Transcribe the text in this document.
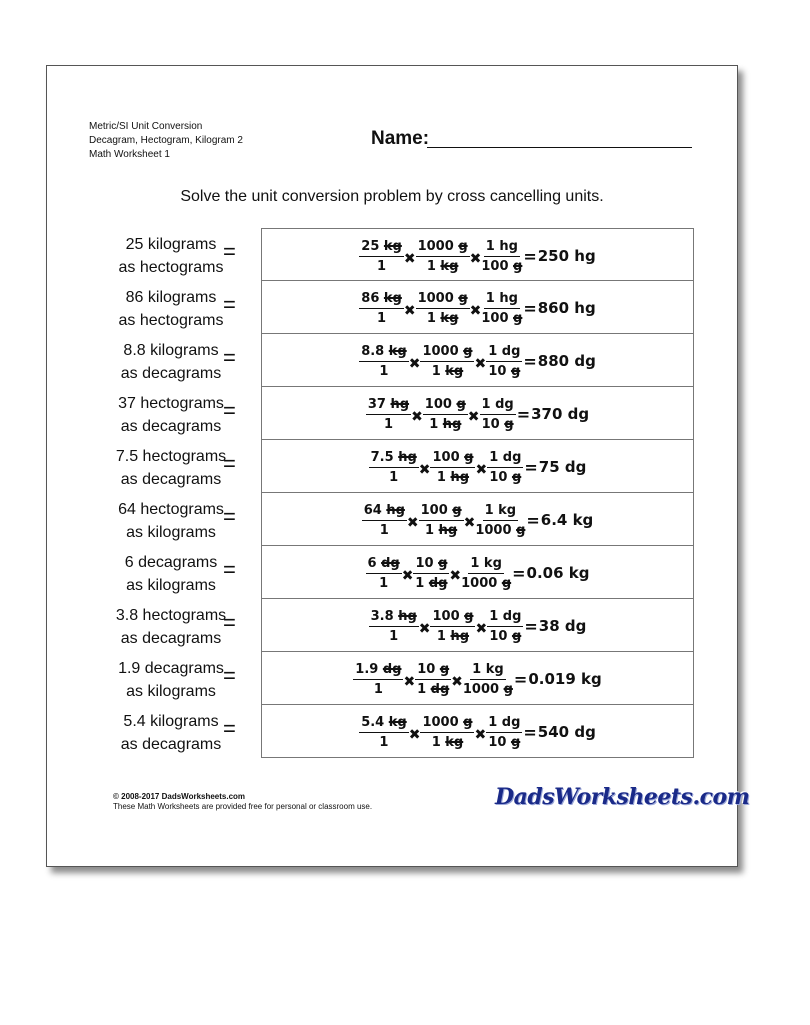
Metric/SI Unit Conversion
Decagram, Hectogram, Kilogram 2
Math Worksheet 1
Name:
Solve the unit conversion problem by cross cancelling units.
25 kilograms
as hectograms
=	$\frac{25 kg}{1}$ ✖ $\frac{1000 g}{1 kg}$ ✖ $\frac{1 hg}{100 g} = 250$ hg
86 kilograms
as hectograms
=	$\frac{86 kg}{1}$ ✖ $\frac{1000 g}{1 kg}$ ✖ $\frac{1 hg}{100 g} = 860$ hg
8.8 kilograms
as decagrams
=	$\frac{8.8 kg}{1}$ ✖ $\frac{1000 g}{1 kg}$ ✖ $\frac{1 dg}{10 g} = 880$ dg
37 hectograms
as decagrams
=	$\frac{37 hg}{1}$ ✖ $\frac{100 g}{1 hg}$ ✖ $\frac{1 dg}{10 g} = 370$ dg
7.5 hectograms
as decagrams
=	$\frac{7.5 hg}{1}$ ✖ $\frac{100 g}{1 hg}$ ✖ $\frac{1 dg}{10 g} = 75$ dg
64 hectograms
as kilograms
=	$\frac{64 hg}{1}$ ✖ $\frac{100 g}{1 hg}$ ✖ $\frac{1 kg}{1000 g} = 6.4$ kg
6 decagrams
as kilograms
=	$\frac{6 dg}{1}$ ✖ $\frac{10 g}{1 dg}$ ✖ $\frac{1 kg}{1000 g} = 0.06$ kg
3.8 hectograms
as decagrams
=	$\frac{3.8 hg}{1}$ ✖ $\frac{100 g}{1 hg}$ ✖ $\frac{1 dg}{10 g} = 38$ dg
1.9 decagrams
as kilograms
=	$\frac{1.9 dg}{1}$ ✖ $\frac{10 g}{1 dg}$ ✖ $\frac{1 kg}{1000 g} = 0.019$ kg
5.4 kilograms
as decagrams
=	$\frac{5.4 kg}{1}$ ✖ $\frac{1000 g}{1 kg}$ ✖ $\frac{1 dg}{10 g} = 540$ dg
© 2008-2017 DadsWorksheets.com
These Math Worksheets are provided free for personal or classroom use.	DadsWorksheets.com
